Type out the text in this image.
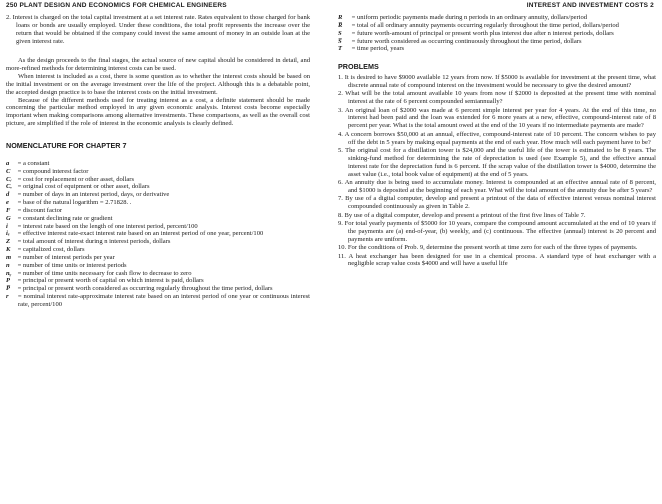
250 PLANT DESIGN AND ECONOMICS FOR CHEMICAL ENGINEERS	INTEREST AND INVESTMENT COSTS 2

2. Interest is charged on the total capital investment at a set interest rate. Rates equivalent to those charged for bank loans or bonds are usually employed. Under these conditions, the total profit represents the increase over the return that would be obtained if the company could invest the same amount of money in an outside loan at the given interest rate.

As the design proceeds to the final stages, the actual source of new capital should be considered in detail, and more-refined methods for determining interest costs can be used.

When interest is included as a cost, there is some question as to whether the interest costs should be based on the initial investment or on the average investment over the life of the project. Although this is a debatable point, the accepted design practice is to base the interest costs on the initial investment.

Because of the different methods used for treating interest as a cost, a definite statement should be made concerning the particular method employed in any given economic analysis. Interest costs become especially important when making comparisons among alternative investments. These comparisons, as well as the overall cost picture, are simplified if the role of interest in the economic analysis is clearly defined.

NOMENCLATURE FOR CHAPTER 7

a = a constant

C = compound interest factor

Cᵣ = cost for replacement or other asset, dollars

Cᵥ = original cost of equipment or other asset, dollars

d = number of days in an interest period, days, or derivative

e = base of the natural logarithm = 2.71828. .

F = discount factor

G = constant declining rate or gradient

i = interest rate based on the length of one interest period, percent/100

iₑ = effective interest rate-exact interest rate based on an interest period of one year, percent/100

Z = total amount of interest during n interest periods, dollars

K = capitalized cost, dollars

m = number of interest periods per year

n = number of time units or interest periods

nᵧ = number of time units necessary for cash flow to decrease to zero

P = principal or present worth of capital on which interest is paid, dollars

P̅ = principal or present worth considered as occurring regularly throughout the time period, dollars

r = nominal interest rate-approximate interest rate based on an interest period of one year or continuous interest rate, percent/100

R = uniform periodic payments made during n periods in an ordinary annuity, dollars/period

R̅ = total of all ordinary annuity payments occurring regularly throughout the time period, dollars/period

S = future worth-amount of principal or present worth plus interest due after n interest periods, dollars

S̅ = future worth considered as occurring continuously throughout the time period, dollars

T = time period, years

PROBLEMS

1. It is desired to have $9000 available 12 years from now. If $5000 is available for investment at the present time, what discrete annual rate of compound interest on the investment would be necessary to give the desired amount?

2. What will be the total amount available 10 years from now if $2000 is deposited at the present time with nominal interest at the rate of 6 percent compounded semiannually?

3. An original loan of $2000 was made at 6 percent simple interest per year for 4 years. At the end of this time, no interest had been paid and the loan was extended for 6 more years at a new, effective, compound-interest rate of 8 percent per year. What is the total amount owed at the end of the 10 years if no intermediate payments are made?

4. A concern borrows $50,000 at an annual, effective, compound-interest rate of 10 percent. The concern wishes to pay off the debt in 5 years by making equal payments at the end of each year. How much will each payment have to be?

5. The original cost for a distillation tower is $24,000 and the useful life of the tower is estimated to be 8 years. The sinking-fund method for determining the rate of depreciation is used (see Example 5), and the effective annual interest rate for the depreciation fund is 6 percent. If the scrap value of the distillation tower is $4000, determine the asset value (i.e., total book value of equipment) at the end of 5 years.

6. An annuity due is being used to accumulate money. Interest is compounded at an effective annual rate of 8 percent, and $1000 is deposited at the beginning of each year. What will the total amount of the annuity due be after 5 years?

7. By use of a digital computer, develop and present a printout of the data of effective interest versus nominal interest compounded continuously as given in Table 2.

8. By use of a digital computer, develop and present a printout of the first five lines of Table 7.

9. For total yearly payments of $5000 for 10 years, compare the compound amount accumulated at the end of 10 years if the payments are (a) end-of-year, (b) weekly, and (c) continuous. The effective (annual) interest is 20 percent and payments are uniform.

10. For the conditions of Prob. 9, determine the present worth at time zero for each of the three types of payments.

11. A heat exchanger has been designed for use in a chemical process. A standard type of heat exchanger with a negligible scrap value costs $4000 and will have a useful life
